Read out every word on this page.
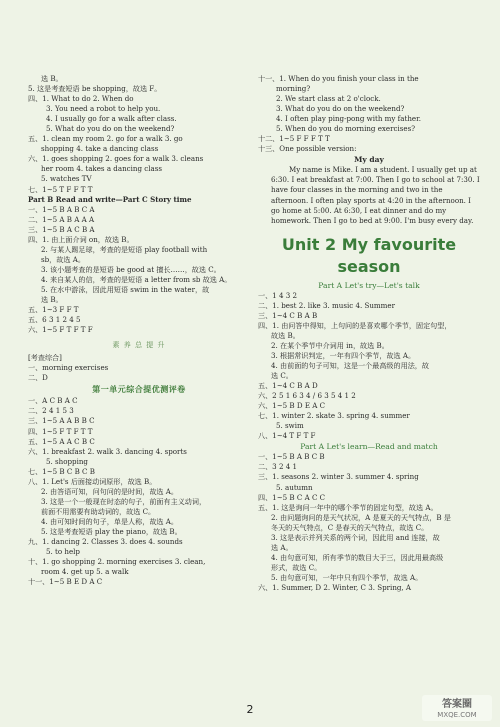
选 B。
5. 这是考查短语 be shopping，故选 F。
四、1. What to do 2. When do
3. You need a robot to help you.
4. I usually go for a walk after class.
5. What do you do on the weekend?
五、1. clean my room 2. go for a walk 3. go
shopping 4. take a dancing class
六、1. goes shopping 2. goes for a walk 3. cleans
her room 4. takes a dancing class
5. watches TV
七、1~5 T F F T T
Part B Read and write—Part C Story time
一、1~5 B A B C A
二、1~5 A B A A A
三、1~5 B A C B A
四、1. 由上面介词 on，故选 B。
2. 与某人踢足球，考查的是短语 play football with
sb，故选 A。
3. 该小题考查的是短语 be good at 擅长……，故选 C。
4. 来自某人的信，考查的是短语 a letter from sb 故选 A。
5. 在水中游泳，因此用短语 swim in the water，故
选 B。
五、1~3 F F T
五、6 3 1 2 4 5
六、1~5 F T F T F
素 养 总 提 升
[考查综合]
一、morning exercises
二、D
第一单元综合提优测评卷
一、A C B A C
二、2 4 1 5 3
三、1~5 A A B B C
四、1~5 F T F T T
五、1~5 A A C B C
六、1. breakfast 2. walk 3. dancing 4. sports
5. shopping
七、1~5 B C B C B
八、1. Let's 后面接动词原形，故选 B。
2. 由答语可知，问句问的是时间，故选 A。
3. 这是一个一般现在时态的句子，前面有主义动词，
前面不用需要有助动词的，故选 C。
4. 由可知时间的句子，单是人称，故选 A。
5. 这是考查短语 play the piano，故选 B。
九、1. dancing 2. Classes 3. does 4. sounds
5. to help
十、1. go shopping 2. morning exercises 3. clean,
room 4. get up 5. a walk
十一、1~5 B E D A C
十一、1. When do you finish your class in the
morning?
2. We start class at 2 o'clock.
3. What do you do on the weekend?
4. I often play ping-pong with my father.
5. When do you do morning exercises?
十二、1~5 F F F T T
十三、One possible version:
My day
My name is Mike. I am a student. I usually get up at 6:30. I eat breakfast at 7:00. Then I go to school at 7:30. I have four classes in the morning and two in the afternoon. I often play sports at 4:20 in the afternoon. I go home at 5:00. At 6:30, I eat dinner and do my homework. Then I go to bed at 9:00. I'm busy every day.
Unit 2 My favourite season
Part A Let's try—Let's talk
一、1 4 3 2
二、1. best 2. like 3. music 4. Summer
三、1~4 C B A B
四、1. 由问答中得知，上句问的是喜欢哪个季节，固定句型，
故选 B。
2. 在某个季节中介词用 in，故选 B。
3. 根据常识判定，一年有四个季节，故选 A。
4. 由前面的句子可知，这是一个最高级的用法，故
选 C。
五、1~4 C B A D
六、2 5 1 6 3 4 / 6 3 5 4 1 2
六、1~5 B D E A C
七、1. winter 2. skate 3. spring 4. summer
5. swim
八、1~4 T F T F
Part A Let's learn—Read and match
一、1~5 B A B C B
二、3 2 4 1
三、1. seasons 2. winter 3. summer 4. spring
5. autumn
四、1~5 B C A C C
五、1. 这是询问一年中的哪个季节的固定句型，故选 A。
2. 由问题询问的是天气状况，A 是夏天的天气特点，B 是
冬天的天气特点，C 是春天的天气特点，故选 C。
3. 这是表示并列关系的两个词，因此用 and 连接，故
选 A。
4. 由句意可知，所有季节的数目大于三，因此用最高级
形式，故选 C。
5. 由句意可知，一年中只有四个季节，故选 A。
六、1. Summer, D 2. Winter, C 3. Spring, A
2	答案圈
MXQE.COM
